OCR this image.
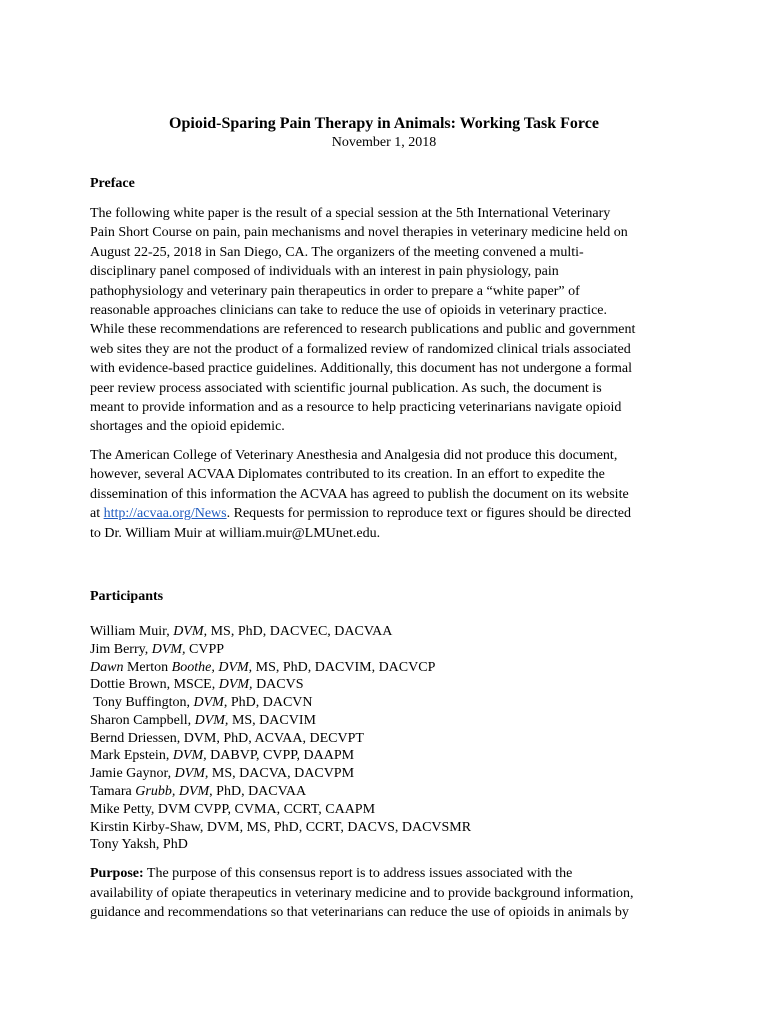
Opioid-Sparing Pain Therapy in Animals: Working Task Force
November 1, 2018
Preface

The following white paper is the result of a special session at the 5th International Veterinary
Pain Short Course on pain, pain mechanisms and novel therapies in veterinary medicine held on
August 22-25, 2018 in San Diego, CA. The organizers of the meeting convened a multi-
disciplinary panel composed of individuals with an interest in pain physiology, pain
pathophysiology and veterinary pain therapeutics in order to prepare a “white paper” of
reasonable approaches clinicians can take to reduce the use of opioids in veterinary practice.
While these recommendations are referenced to research publications and public and government
web sites they are not the product of a formalized review of randomized clinical trials associated
with evidence-based practice guidelines. Additionally, this document has not undergone a formal
peer review process associated with scientific journal publication. As such, the document is
meant to provide information and as a resource to help practicing veterinarians navigate opioid
shortages and the opioid epidemic.

The American College of Veterinary Anesthesia and Analgesia did not produce this document,
however, several ACVAA Diplomates contributed to its creation. In an effort to expedite the
dissemination of this information the ACVAA has agreed to publish the document on its website
at http://acvaa.org/News. Requests for permission to reproduce text or figures should be directed
to Dr. William Muir at william.muir@LMUnet.edu.

Participants
William Muir, DVM, MS, PhD, DACVEC, DACVAA
Jim Berry, DVM, CVPP
Dawn Merton Boothe, DVM, MS, PhD, DACVIM, DACVCP
Dottie Brown, MSCE, DVM, DACVS
Tony Buffington, DVM, PhD, DACVN
Sharon Campbell, DVM, MS, DACVIM
Bernd Driessen, DVM, PhD, ACVAA, DECVPT
Mark Epstein, DVM, DABVP, CVPP, DAAPM
Jamie Gaynor, DVM, MS, DACVA, DACVPM
Tamara Grubb, DVM, PhD, DACVAA
Mike Petty, DVM CVPP, CVMA, CCRT, CAAPM
Kirstin Kirby-Shaw, DVM, MS, PhD, CCRT, DACVS, DACVSMR
Tony Yaksh, PhD

Purpose: The purpose of this consensus report is to address issues associated with the
availability of opiate therapeutics in veterinary medicine and to provide background information,
guidance and recommendations so that veterinarians can reduce the use of opioids in animals by
